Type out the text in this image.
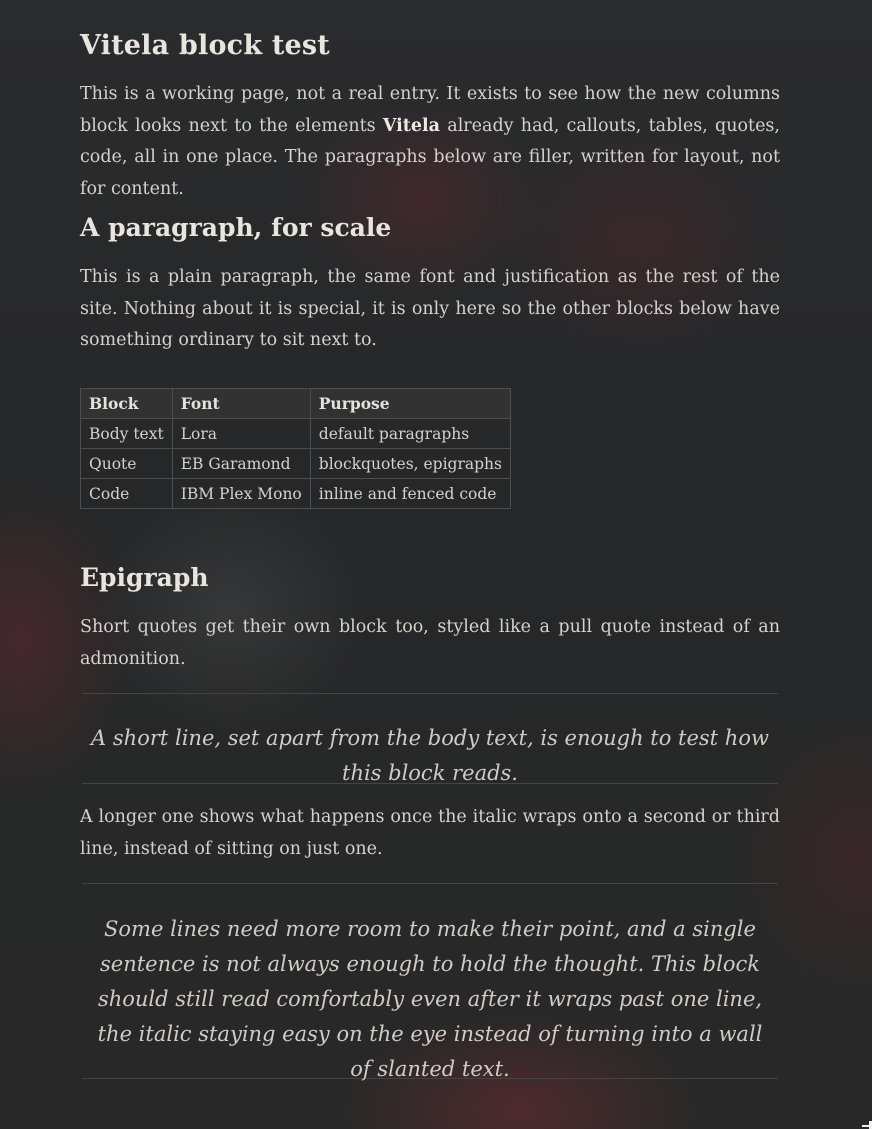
Vitela block test

This is a working page, not a real entry. It exists to see how the new columns block looks next to the elements Vitela already had, callouts, tables, quotes, code, all in one place. The paragraphs below are filler, written for layout, not for content.

A paragraph, for scale

This is a plain paragraph, the same font and justification as the rest of the site. Nothing about it is special, it is only here so the other blocks below have something ordinary to sit next to.

Block	Font	Purpose
Body text	Lora	default paragraphs
Quote	EB Garamond	blockquotes, epigraphs
Code	IBM Plex Mono	inline and fenced code
Epigraph

Short quotes get their own block too, styled like a pull quote instead of an admonition.

A short line, set apart from the body text, is enough to test how this block reads.

A longer one shows what happens once the italic wraps onto a second or third line, instead of sitting on just one.

Some lines need more room to make their point, and a single sentence is not always enough to hold the thought. This block should still read comfortably even after it wraps past one line, the italic staying easy on the eye instead of turning into a wall of slanted text.
